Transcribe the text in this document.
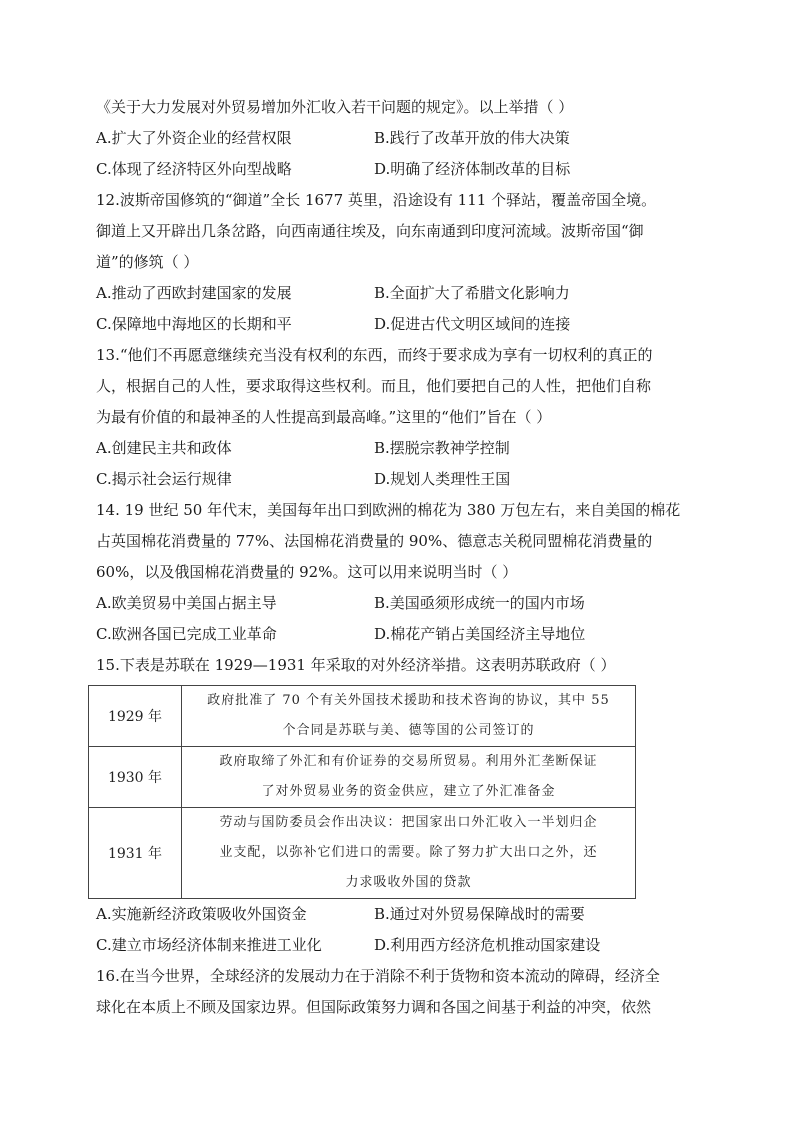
《关于大力发展对外贸易增加外汇收入若干问题的规定》。以上举措（ ）
A.扩大了外资企业的经营权限	B.践行了改革开放的伟大决策
C.体现了经济特区外向型战略	D.明确了经济体制改革的目标
12.波斯帝国修筑的“御道”全长 1677 英里，沿途设有 111 个驿站，覆盖帝国全境。
御道上又开辟出几条岔路，向西南通往埃及，向东南通到印度河流域。波斯帝国“御
道”的修筑（ ）
A.推动了西欧封建国家的发展	B.全面扩大了希腊文化影响力
C.保障地中海地区的长期和平	D.促进古代文明区域间的连接
13.“他们不再愿意继续充当没有权利的东西，而终于要求成为享有一切权利的真正的
人，根据自己的人性，要求取得这些权利。而且，他们要把自己的人性，把他们自称
为最有价值的和最神圣的人性提高到最高峰。”这里的“他们”旨在（ ）
A.创建民主共和政体	B.摆脱宗教神学控制
C.揭示社会运行规律	D.规划人类理性王国
14. 19 世纪 50 年代末，美国每年出口到欧洲的棉花为 380 万包左右，来自美国的棉花
占英国棉花消费量的 77%、法国棉花消费量的 90%、德意志关税同盟棉花消费量的
60%，以及俄国棉花消费量的 92%。这可以用来说明当时（ ）
A.欧美贸易中美国占据主导	B.美国亟须形成统一的国内市场
C.欧洲各国已完成工业革命	D.棉花产销占美国经济主导地位
15.下表是苏联在 1929—1931 年采取的对外经济举措。这表明苏联政府（ ）
1929 年	政府批准了 70 个有关外国技术援助和技术咨询的协议，其中 55
个合同是苏联与美、德等国的公司签订的

1930 年	政府取缔了外汇和有价证券的交易所贸易。利用外汇垄断保证
了对外贸易业务的资金供应，建立了外汇准备金

1931 年	劳动与国防委员会作出决议：把国家出口外汇收入一半划归企
业支配，以弥补它们进口的需要。除了努力扩大出口之外，还
力求吸收外国的贷款
A.实施新经济政策吸收外国资金	B.通过对外贸易保障战时的需要
C.建立市场经济体制来推进工业化	D.利用西方经济危机推动国家建设
16.在当今世界，全球经济的发展动力在于消除不利于货物和资本流动的障碍，经济全
球化在本质上不顾及国家边界。但国际政策努力调和各国之间基于利益的冲突，依然
